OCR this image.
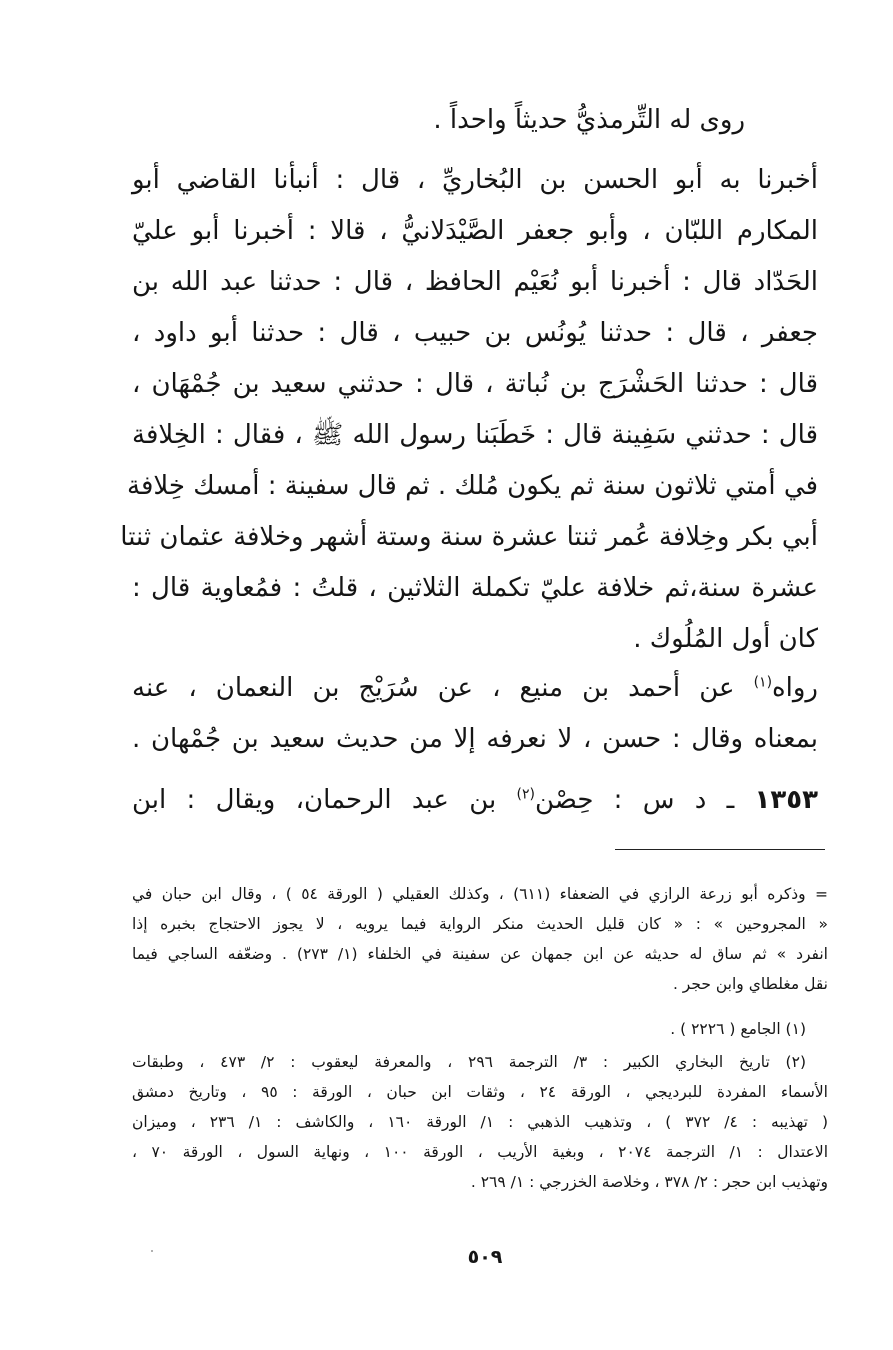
روى له التِّرمذيُّ حديثاً واحداً .
أخبرنا به أبو الحسن بن البُخاريِّ ، قال : أنبأنا القاضي أبو
المكارم اللبّان ، وأبو جعفر الصَّيْدَلانيُّ ، قالا : أخبرنا أبو عليّ
الحَدّاد قال : أخبرنا أبو نُعَيْم الحافظ ، قال : حدثنا عبد الله بن
جعفر ، قال : حدثنا يُونُس بن حبيب ، قال : حدثنا أبو داود ،
قال : حدثنا الحَشْرَج بن نُباتة ، قال : حدثني سعيد بن جُمْهَان ،
قال : حدثني سَفِينة قال : خَطَبَنا رسول الله ﷺ ، فقال : الخِلافة
في أمتي ثلاثون سنة ثم يكون مُلك . ثم قال سفينة : أمسك خِلافة
أبي بكر وخِلافة عُمر ثنتا عشرة سنة وستة أشهر وخلافة عثمان ثنتا
عشرة سنة،ثم خلافة عليّ تكملة الثلاثين ، قلتُ : فمُعاوية قال :
كان أول المُلُوك .
رواه$^{(١)}$ عن أحمد بن منيع ، عن سُرَيْج بن النعمان ، عنه
بمعناه وقال : حسن ، لا نعرفه إلا من حديث سعيد بن جُمْهان .
١٣٥٣ ـ د س : حِصْن$^{(٢)}$ بن عبد الرحمان، ويقال : ابن
= وذكره أبو زرعة الرازي في الضعفاء (٦١١) ، وكذلك العقيلي ( الورقة ٥٤ ) ، وقال ابن حبان في
« المجروحين » : « كان قليل الحديث منكر الرواية فيما يرويه ، لا يجوز الاحتجاج بخبره إذا
انفرد » ثم ساق له حديثه عن ابن جمهان عن سفينة في الخلفاء (١/ ٢٧٣) . وضعّفه الساجي فيما
نقل مغلطاي وابن حجر .
(١) الجامع ( ٢٢٢٦ ) .
(٢) تاريخ البخاري الكبير : ٣/ الترجمة ٢٩٦ ، والمعرفة ليعقوب : ٢/ ٤٧٣ ، وطبقات
الأسماء المفردة للبرديجي ، الورقة ٢٤ ، وثقات ابن حبان ، الورقة : ٩٥ ، وتاريخ دمشق
( تهذيبه : ٤/ ٣٧٢ ) ، وتذهيب الذهبي : ١/ الورقة ١٦٠ ، والكاشف : ١/ ٢٣٦ ، وميزان
الاعتدال : ١/ الترجمة ٢٠٧٤ ، وبغية الأريب ، الورقة ١٠٠ ، ونهاية السول ، الورقة ٧٠ ،
وتهذيب ابن حجر : ٢/ ٣٧٨ ، وخلاصة الخزرجي : ١/ ٢٦٩ .
٥٠٩
